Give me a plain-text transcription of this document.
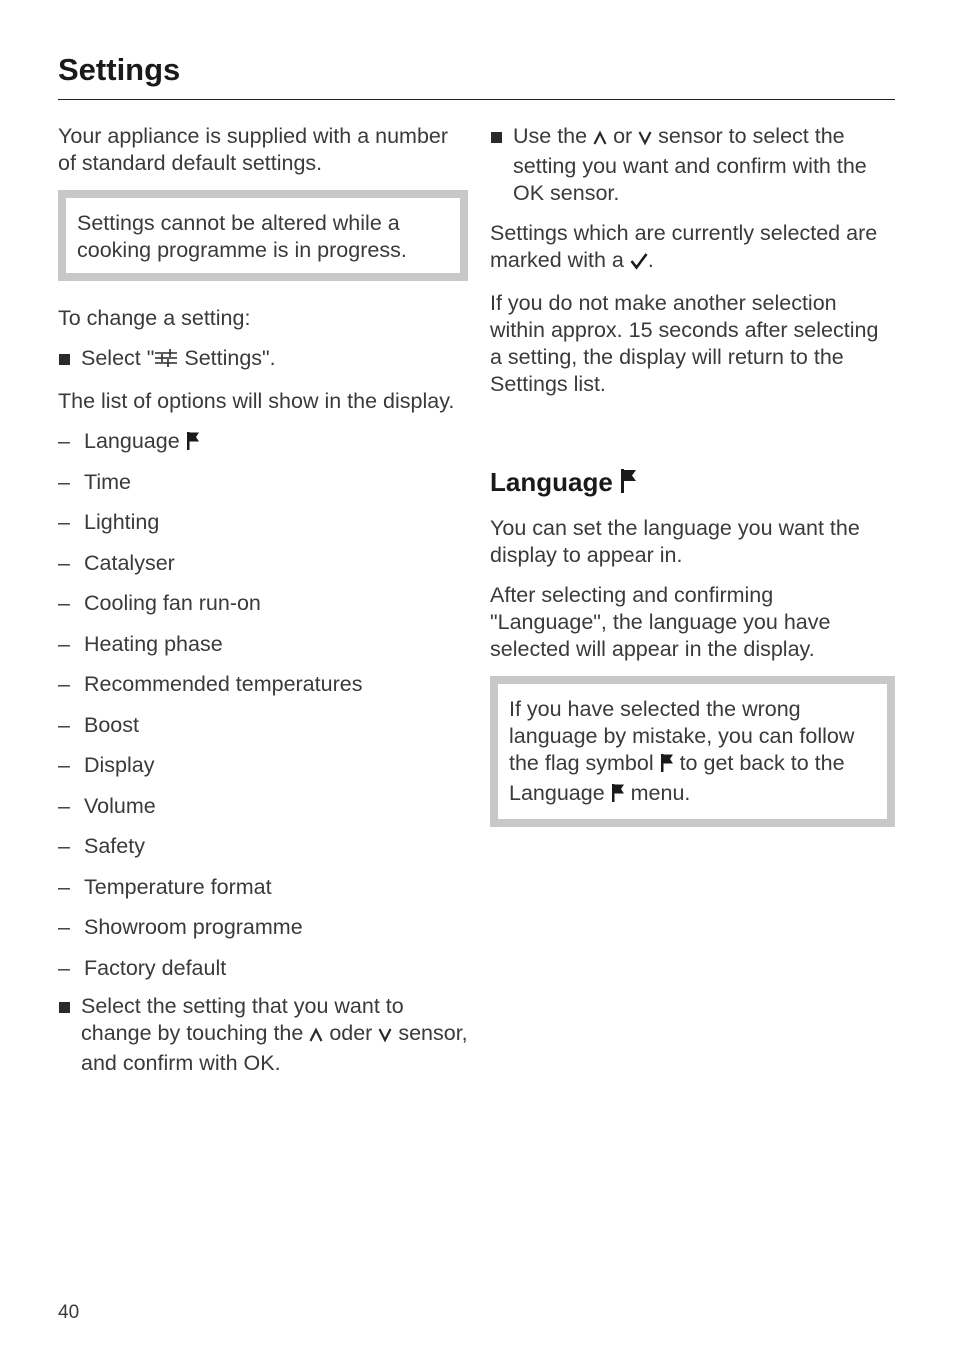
Settings

Your appliance is supplied with a number of standard default settings.

Settings cannot be altered while a cooking programme is in progress.

To change a setting:

Select " Settings".

The list of options will show in the display.

– Language
– Time
– Lighting
– Catalyser
– Cooling fan run-on
– Heating phase
– Recommended temperatures
– Boost
– Display
– Volume
– Safety
– Temperature format
– Showroom programme
– Factory default
Select the setting that you want to change by touching the oder sensor, and confirm with OK.
Use the or sensor to select the setting you want and confirm with the OK sensor.

Settings which are currently selected are marked with a .

If you do not make another selection within approx. 15 seconds after selecting a setting, the display will return to the Settings list.

Language

You can set the language you want the display to appear in.

After selecting and confirming "Language", the language you have selected will appear in the display.

If you have selected the wrong language by mistake, you can follow the flag symbol to get back to the Language menu.
40
